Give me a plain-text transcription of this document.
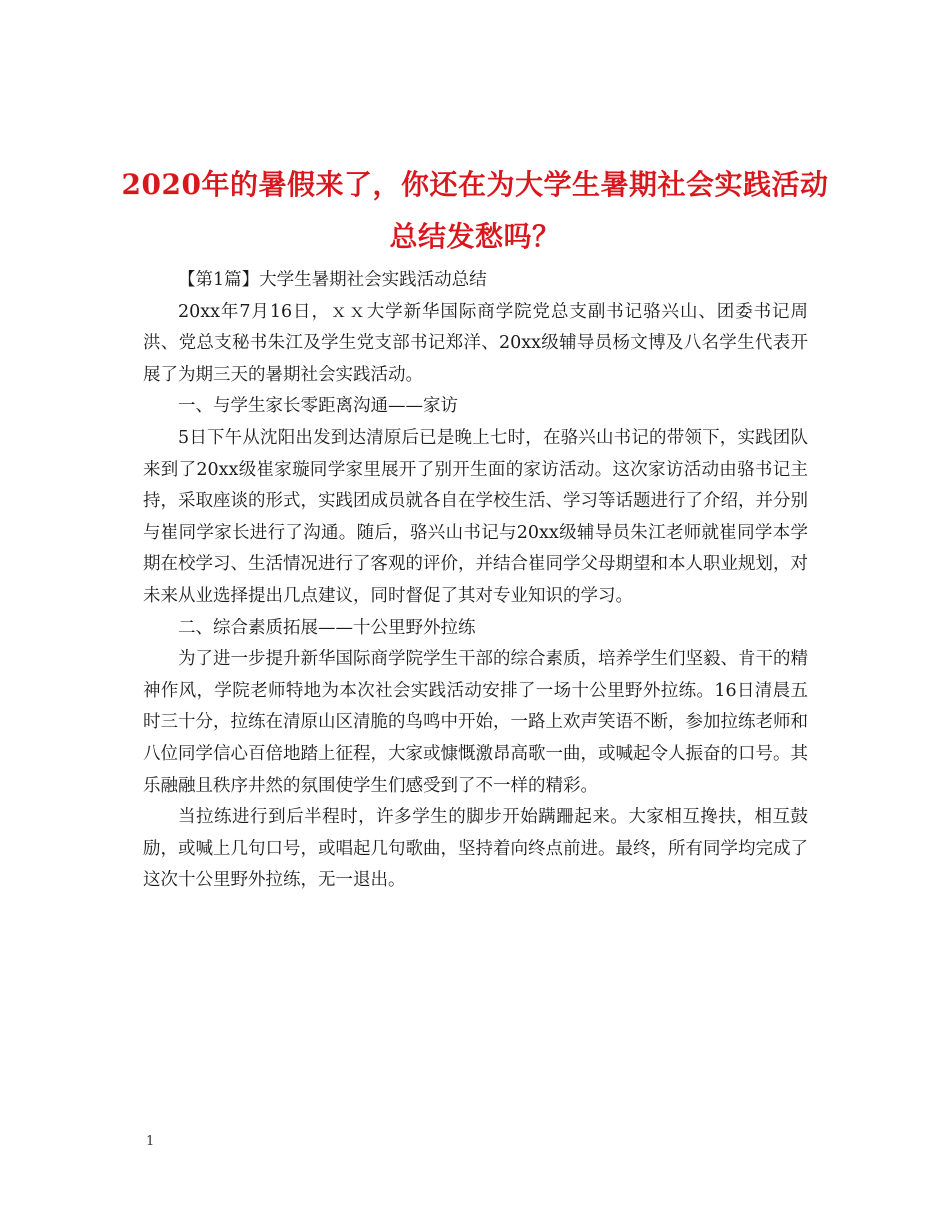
2020年的暑假来了，你还在为大学生暑期社会实践活动总结发愁吗？

【第1篇】大学生暑期社会实践活动总结

20xx年7月16日，ｘｘ大学新华国际商学院党总支副书记骆兴山、团委书记周洪、党总支秘书朱江及学生党支部书记郑洋、20xx级辅导员杨文博及八名学生代表开展了为期三天的暑期社会实践活动。

一、与学生家长零距离沟通——家访

5日下午从沈阳出发到达清原后已是晚上七时，在骆兴山书记的带领下，实践团队来到了20xx级崔家璇同学家里展开了别开生面的家访活动。这次家访活动由骆书记主持，采取座谈的形式，实践团成员就各自在学校生活、学习等话题进行了介绍，并分别与崔同学家长进行了沟通。随后，骆兴山书记与20xx级辅导员朱江老师就崔同学本学期在校学习、生活情况进行了客观的评价，并结合崔同学父母期望和本人职业规划，对未来从业选择提出几点建议，同时督促了其对专业知识的学习。

二、综合素质拓展——十公里野外拉练

为了进一步提升新华国际商学院学生干部的综合素质，培养学生们坚毅、肯干的精神作风，学院老师特地为本次社会实践活动安排了一场十公里野外拉练。16日清晨五时三十分，拉练在清原山区清脆的鸟鸣中开始，一路上欢声笑语不断，参加拉练老师和八位同学信心百倍地踏上征程，大家或慷慨激昂高歌一曲，或喊起令人振奋的口号。其乐融融且秩序井然的氛围使学生们感受到了不一样的精彩。

当拉练进行到后半程时，许多学生的脚步开始蹒跚起来。大家相互搀扶，相互鼓励，或喊上几句口号，或唱起几句歌曲，坚持着向终点前进。最终，所有同学均完成了这次十公里野外拉练，无一退出。

1
